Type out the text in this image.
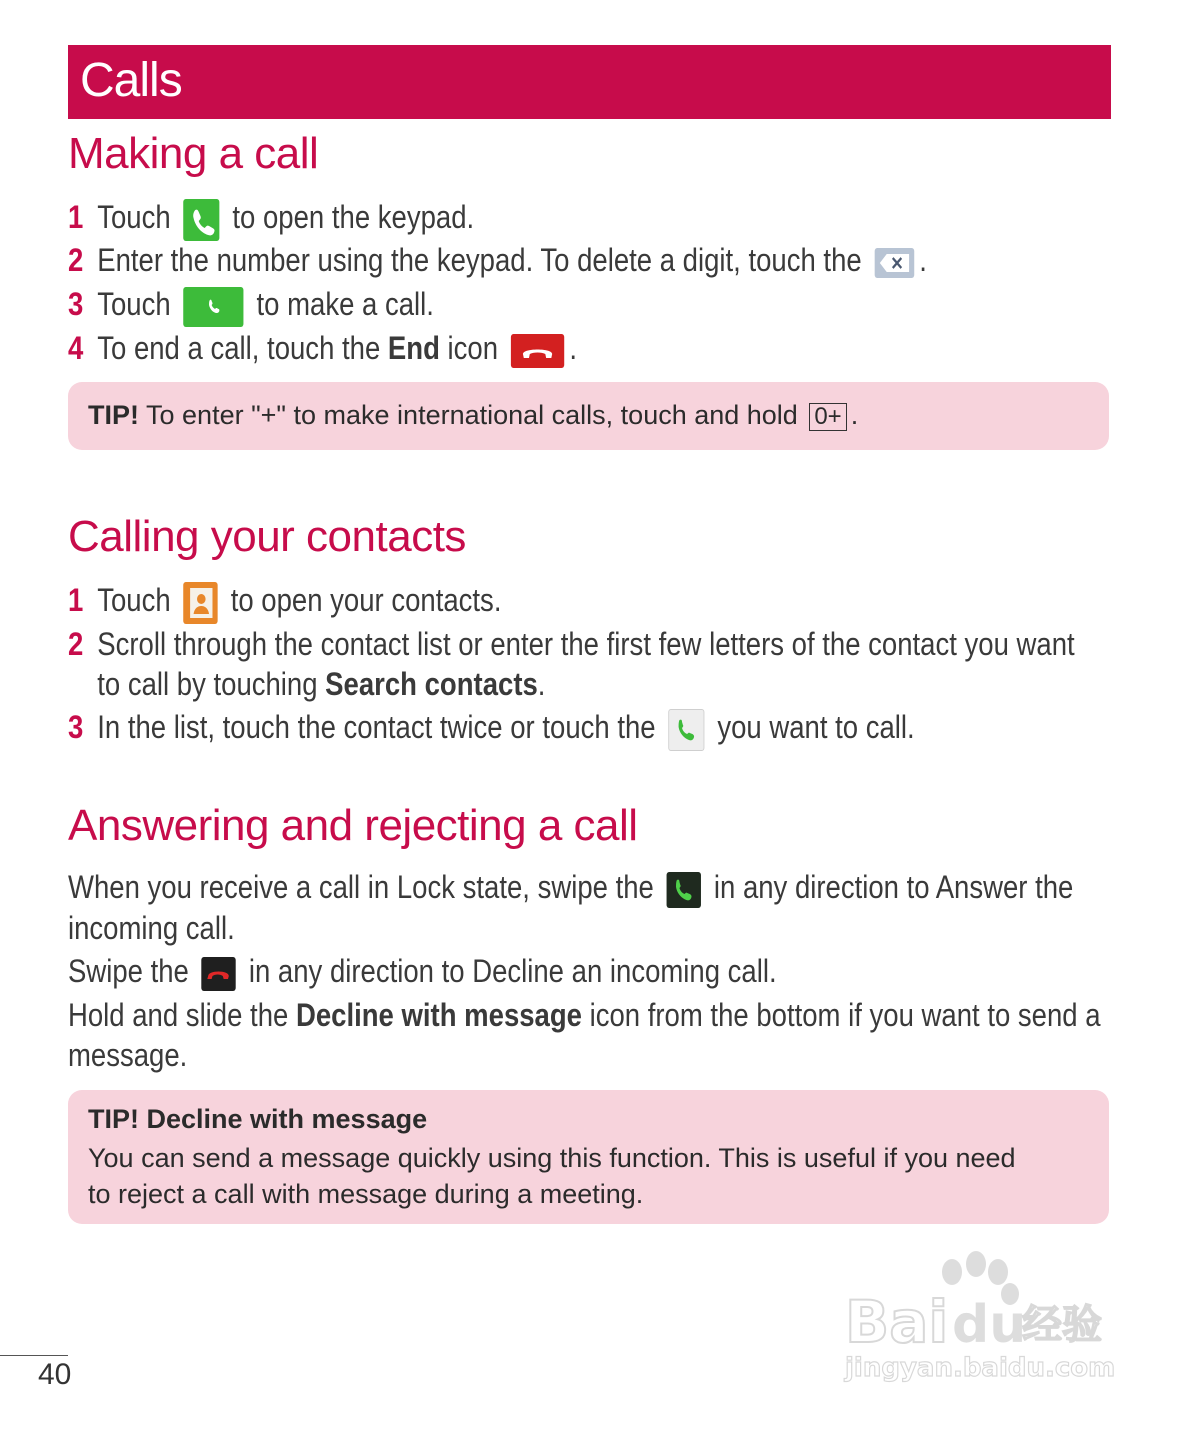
Calls
Making a call
1 Touch to open the keypad.
2 Enter the number using the keypad. To delete a digit, touch the .
3 Touch	to make a call.
4 To end a call, touch the End icon .
TIP! To enter "+" to make international calls, touch and hold 0+ .
Calling your contacts
1 Touch to open your contacts.
2 Scroll through the contact list or enter the first few letters of the contact you want
to call by touching Search contacts.
3 In the list, touch the contact twice or touch the you want to call.
Answering and rejecting a call
When you receive a call in Lock state, swipe the in any direction to Answer the
incoming call.
Swipe the in any direction to Decline an incoming call.
Hold and slide the Decline with message icon from the bottom if you want to send a
message.
TIP! Decline with message
You can send a message quickly using this function. This is useful if you need
to reject a call with message during a meeting.
40
Bai du
经验
jingyan.baidu.com
